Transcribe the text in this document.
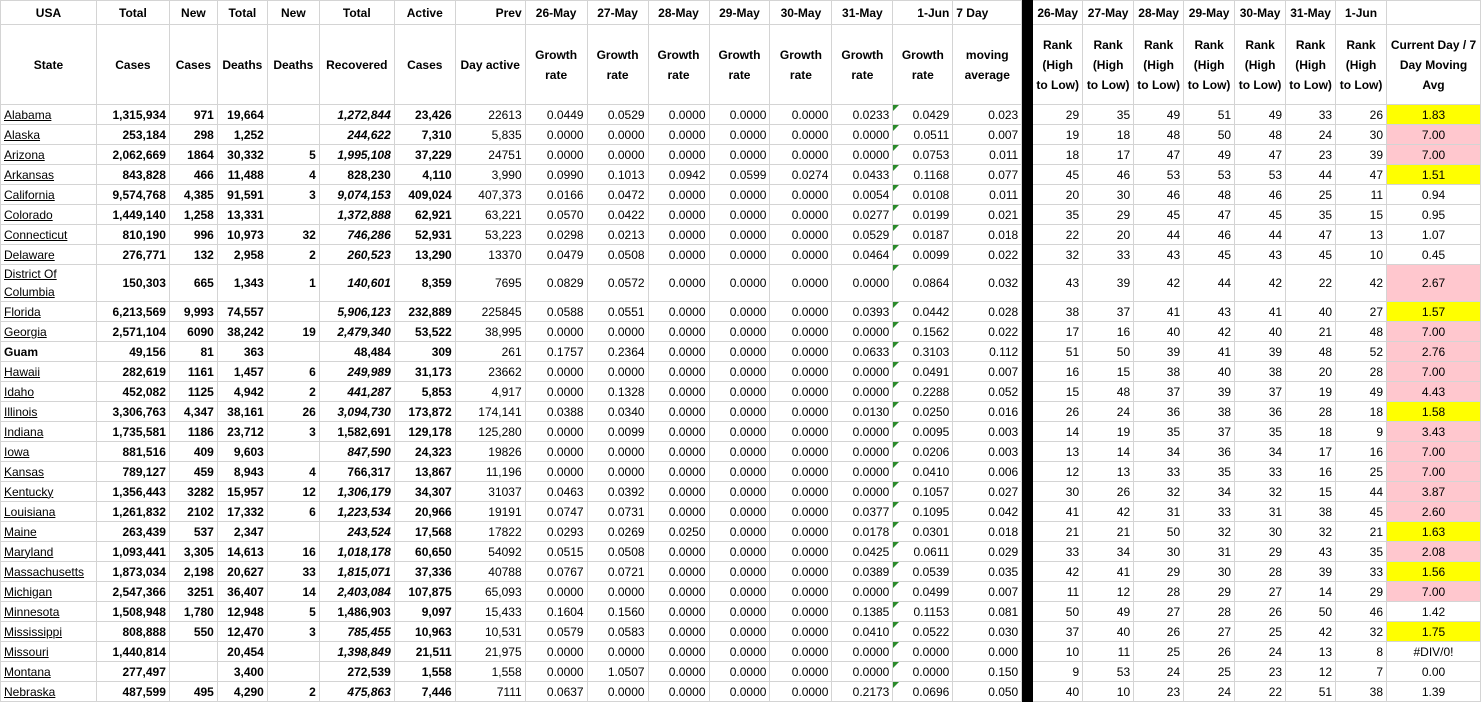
USA	Total	New	Total	New	Total	Active	Prev	26-May	27-May	28-May	29-May	30-May	31-May	1-Jun	7 Day		26-May	27-May	28-May	29-May	30-May	31-May	1-Jun	
State	Cases	Cases	Deaths	Deaths	Recovered	Cases	Day active	Growth rate	Growth rate	Growth rate	Growth rate	Growth rate	Growth rate	Growth rate	moving average		Rank (High to Low)	Rank (High to Low)	Rank (High to Low)	Rank (High to Low)	Rank (High to Low)	Rank (High to Low)	Rank (High to Low)	Current Day / 7 Day Moving Avg
Alabama	1,315,934	971	19,664		1,272,844	23,426	22613	0.0449	0.0529	0.0000	0.0000	0.0000	0.0233	0.0429	0.023		29	35	49	51	49	33	26	1.83
Alaska	253,184	298	1,252		244,622	7,310	5,835	0.0000	0.0000	0.0000	0.0000	0.0000	0.0000	0.0511	0.007		19	18	48	50	48	24	30	7.00
Arizona	2,062,669	1864	30,332	5	1,995,108	37,229	24751	0.0000	0.0000	0.0000	0.0000	0.0000	0.0000	0.0753	0.011		18	17	47	49	47	23	39	7.00
Arkansas	843,828	466	11,488	4	828,230	4,110	3,990	0.0990	0.1013	0.0942	0.0599	0.0274	0.0433	0.1168	0.077		45	46	53	53	53	44	47	1.51
California	9,574,768	4,385	91,591	3	9,074,153	409,024	407,373	0.0166	0.0472	0.0000	0.0000	0.0000	0.0054	0.0108	0.011		20	30	46	48	46	25	11	0.94
Colorado	1,449,140	1,258	13,331		1,372,888	62,921	63,221	0.0570	0.0422	0.0000	0.0000	0.0000	0.0277	0.0199	0.021		35	29	45	47	45	35	15	0.95
Connecticut	810,190	996	10,973	32	746,286	52,931	53,223	0.0298	0.0213	0.0000	0.0000	0.0000	0.0529	0.0187	0.018		22	20	44	46	44	47	13	1.07
Delaware	276,771	132	2,958	2	260,523	13,290	13370	0.0479	0.0508	0.0000	0.0000	0.0000	0.0464	0.0099	0.022		32	33	43	45	43	45	10	0.45
District Of Columbia	150,303	665	1,343	1	140,601	8,359	7695	0.0829	0.0572	0.0000	0.0000	0.0000	0.0000	0.0864	0.032		43	39	42	44	42	22	42	2.67
Florida	6,213,569	9,993	74,557		5,906,123	232,889	225845	0.0588	0.0551	0.0000	0.0000	0.0000	0.0393	0.0442	0.028		38	37	41	43	41	40	27	1.57
Georgia	2,571,104	6090	38,242	19	2,479,340	53,522	38,995	0.0000	0.0000	0.0000	0.0000	0.0000	0.0000	0.1562	0.022		17	16	40	42	40	21	48	7.00
Guam	49,156	81	363		48,484	309	261	0.1757	0.2364	0.0000	0.0000	0.0000	0.0633	0.3103	0.112		51	50	39	41	39	48	52	2.76
Hawaii	282,619	1161	1,457	6	249,989	31,173	23662	0.0000	0.0000	0.0000	0.0000	0.0000	0.0000	0.0491	0.007		16	15	38	40	38	20	28	7.00
Idaho	452,082	1125	4,942	2	441,287	5,853	4,917	0.0000	0.1328	0.0000	0.0000	0.0000	0.0000	0.2288	0.052		15	48	37	39	37	19	49	4.43
Illinois	3,306,763	4,347	38,161	26	3,094,730	173,872	174,141	0.0388	0.0340	0.0000	0.0000	0.0000	0.0130	0.0250	0.016		26	24	36	38	36	28	18	1.58
Indiana	1,735,581	1186	23,712	3	1,582,691	129,178	125,280	0.0000	0.0099	0.0000	0.0000	0.0000	0.0000	0.0095	0.003		14	19	35	37	35	18	9	3.43
Iowa	881,516	409	9,603		847,590	24,323	19826	0.0000	0.0000	0.0000	0.0000	0.0000	0.0000	0.0206	0.003		13	14	34	36	34	17	16	7.00
Kansas	789,127	459	8,943	4	766,317	13,867	11,196	0.0000	0.0000	0.0000	0.0000	0.0000	0.0000	0.0410	0.006		12	13	33	35	33	16	25	7.00
Kentucky	1,356,443	3282	15,957	12	1,306,179	34,307	31037	0.0463	0.0392	0.0000	0.0000	0.0000	0.0000	0.1057	0.027		30	26	32	34	32	15	44	3.87
Louisiana	1,261,832	2102	17,332	6	1,223,534	20,966	19191	0.0747	0.0731	0.0000	0.0000	0.0000	0.0377	0.1095	0.042		41	42	31	33	31	38	45	2.60
Maine	263,439	537	2,347		243,524	17,568	17822	0.0293	0.0269	0.0250	0.0000	0.0000	0.0178	0.0301	0.018		21	21	50	32	30	32	21	1.63
Maryland	1,093,441	3,305	14,613	16	1,018,178	60,650	54092	0.0515	0.0508	0.0000	0.0000	0.0000	0.0425	0.0611	0.029		33	34	30	31	29	43	35	2.08
Massachusetts	1,873,034	2,198	20,627	33	1,815,071	37,336	40788	0.0767	0.0721	0.0000	0.0000	0.0000	0.0389	0.0539	0.035		42	41	29	30	28	39	33	1.56
Michigan	2,547,366	3251	36,407	14	2,403,084	107,875	65,093	0.0000	0.0000	0.0000	0.0000	0.0000	0.0000	0.0499	0.007		11	12	28	29	27	14	29	7.00
Minnesota	1,508,948	1,780	12,948	5	1,486,903	9,097	15,433	0.1604	0.1560	0.0000	0.0000	0.0000	0.1385	0.1153	0.081		50	49	27	28	26	50	46	1.42
Mississippi	808,888	550	12,470	3	785,455	10,963	10,531	0.0579	0.0583	0.0000	0.0000	0.0000	0.0410	0.0522	0.030		37	40	26	27	25	42	32	1.75
Missouri	1,440,814		20,454		1,398,849	21,511	21,975	0.0000	0.0000	0.0000	0.0000	0.0000	0.0000	0.0000	0.000		10	11	25	26	24	13	8	#DIV/0!
Montana	277,497		3,400		272,539	1,558	1,558	0.0000	1.0507	0.0000	0.0000	0.0000	0.0000	0.0000	0.150		9	53	24	25	23	12	7	0.00
Nebraska	487,599	495	4,290	2	475,863	7,446	7111	0.0637	0.0000	0.0000	0.0000	0.0000	0.2173	0.0696	0.050		40	10	23	24	22	51	38	1.39
